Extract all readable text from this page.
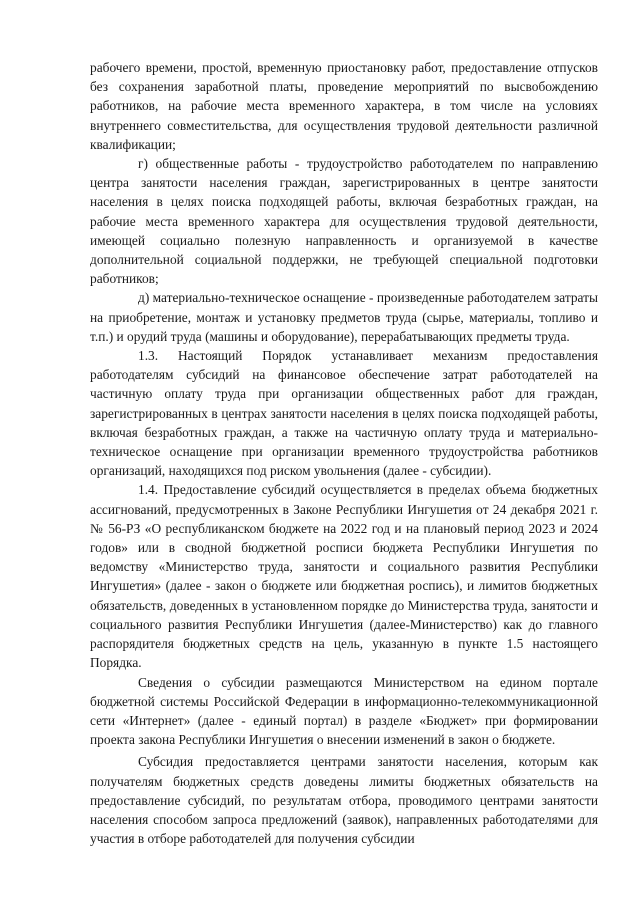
рабочего времени, простой, временную приостановку работ, предоставление отпусков без сохранения заработной платы, проведение мероприятий по высвобождению работников, на рабочие места временного характера, в том числе на условиях внутреннего совместительства, для осуществления трудовой деятельности различной квалификации;

г) общественные работы - трудоустройство работодателем по направлению центра занятости населения граждан, зарегистрированных в центре занятости населения в целях поиска подходящей работы, включая безработных граждан, на рабочие места временного характера для осуществления трудовой деятельности, имеющей социально полезную направленность и организуемой в качестве дополнительной социальной поддержки, не требующей специальной подготовки работников;

д) материально-техническое оснащение - произведенные работодателем затраты на приобретение, монтаж и установку предметов труда (сырье, материалы, топливо и т.п.) и орудий труда (машины и оборудование), перерабатывающих предметы труда.

1.3. Настоящий Порядок устанавливает механизм предоставления работодателям субсидий на финансовое обеспечение затрат работодателей на частичную оплату труда при организации общественных работ для граждан, зарегистрированных в центрах занятости населения в целях поиска подходящей работы, включая безработных граждан, а также на частичную оплату труда и материально-техническое оснащение при организации временного трудоустройства работников организаций, находящихся под риском увольнения (далее - субсидии).

1.4. Предоставление субсидий осуществляется в пределах объема бюджетных ассигнований, предусмотренных в Законе Республики Ингушетия от 24 декабря 2021 г. № 56-РЗ «О республиканском бюджете на 2022 год и на плановый период 2023 и 2024 годов» или в сводной бюджетной росписи бюджета Республики Ингушетия по ведомству «Министерство труда, занятости и социального развития Республики Ингушетия» (далее - закон о бюджете или бюджетная роспись), и лимитов бюджетных обязательств, доведенных в установленном порядке до Министерства труда, занятости и социального развития Республики Ингушетия (далее-Министерство) как до главного распорядителя бюджетных средств на цель, указанную в пункте 1.5 настоящего Порядка.

Сведения о субсидии размещаются Министерством на едином портале бюджетной системы Российской Федерации в информационно-телекоммуникационной сети «Интернет» (далее - единый портал) в разделе «Бюджет» при формировании проекта закона Республики Ингушетия о внесении изменений в закон о бюджете.

Субсидия предоставляется центрами занятости населения, которым как получателям бюджетных средств доведены лимиты бюджетных обязательств на предоставление субсидий, по результатам отбора, проводимого центрами занятости населения способом запроса предложений (заявок), направленных работодателями для участия в отборе работодателей для получения субсидии
